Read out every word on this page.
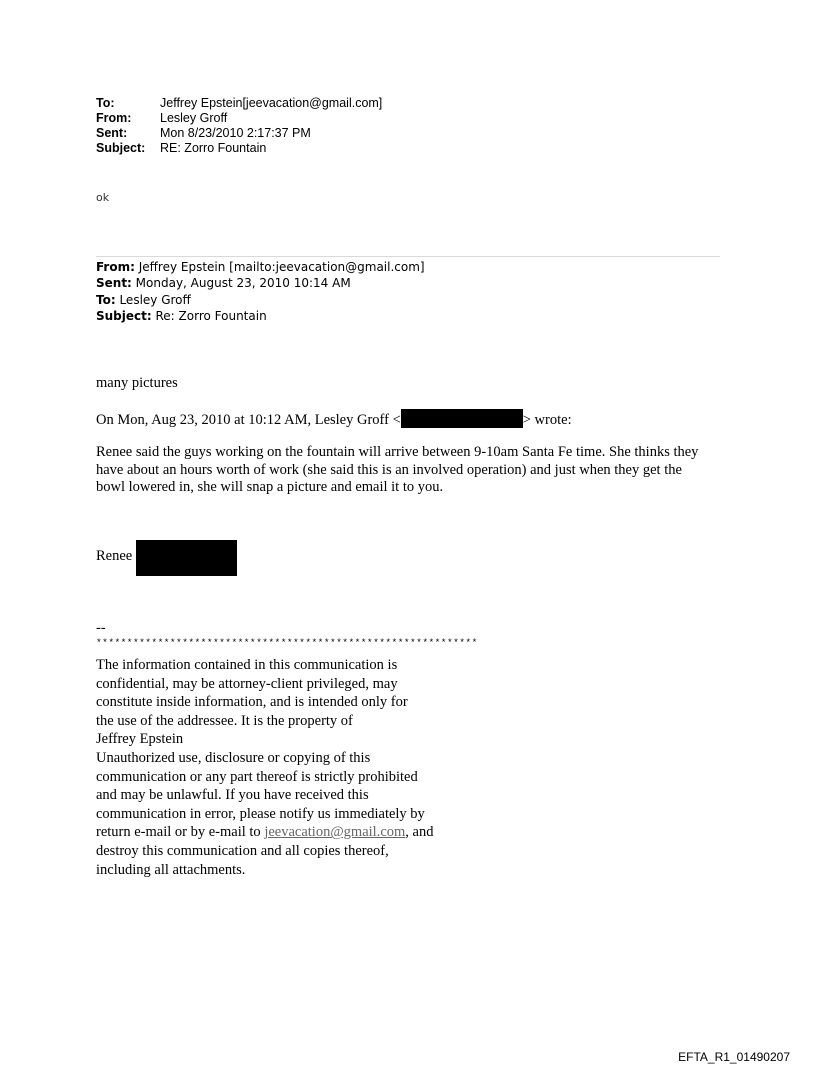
To:	Jeffrey Epstein[jeevacation@gmail.com]
From:	Lesley Groff
Sent:	Mon 8/23/2010 2:17:37 PM
Subject:	RE: Zorro Fountain
ok
From: Jeffrey Epstein [mailto:jeevacation@gmail.com]
Sent: Monday, August 23, 2010 10:14 AM
To: Lesley Groff
Subject: Re: Zorro Fountain
many pictures
On Mon, Aug 23, 2010 at 10:12 AM, Lesley Groff <	> wrote:
Renee said the guys working on the fountain will arrive between 9-10am Santa Fe time. She thinks they have about an hours worth of work (she said this is an involved operation) and just when they get the bowl lowered in, she will snap a picture and email it to you.
Renee
--
**************************************************************
The information contained in this communication is
confidential, may be attorney-client privileged, may
constitute inside information, and is intended only for
the use of the addressee. It is the property of
Jeffrey Epstein
Unauthorized use, disclosure or copying of this
communication or any part thereof is strictly prohibited
and may be unlawful. If you have received this
communication in error, please notify us immediately by
return e-mail or by e-mail to jeevacation@gmail.com, and
destroy this communication and all copies thereof,
including all attachments.
EFTA_R1_01490207
